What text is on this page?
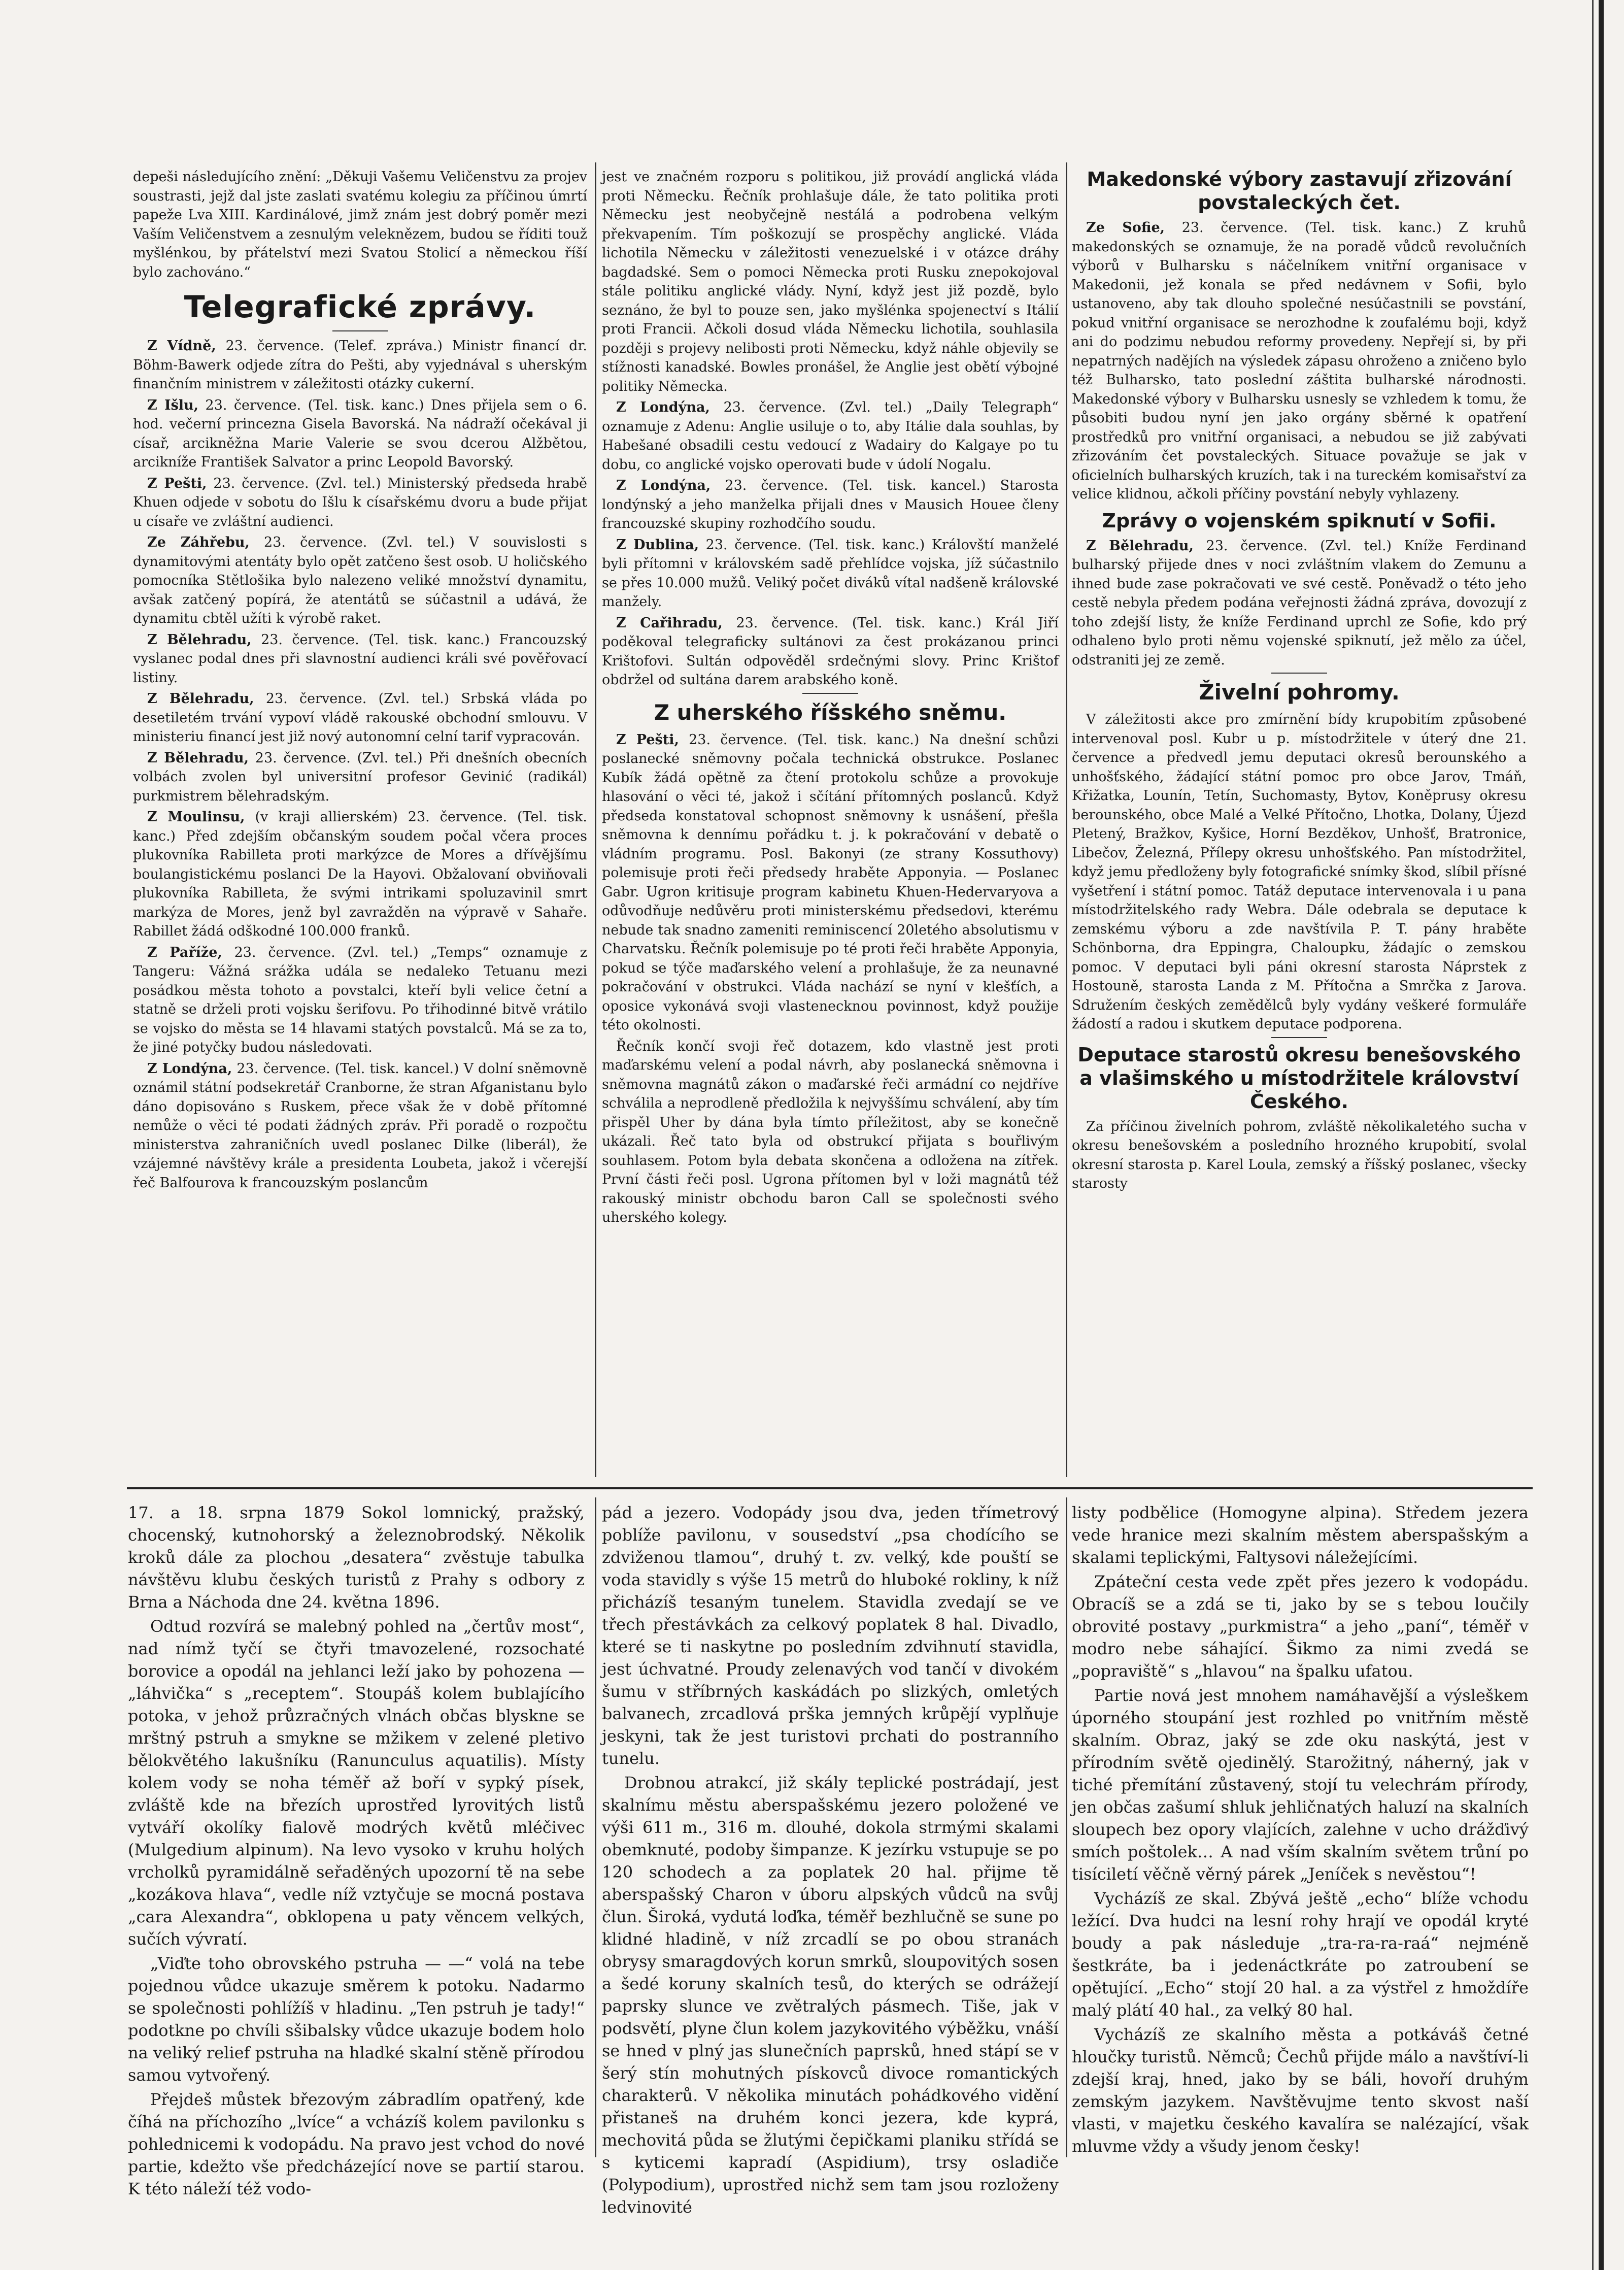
depeši následujícího znění: „Děkuji Vašemu Veličenstvu za projev soustrasti, jejž dal jste zaslati svatému kolegiu za příčinou úmrtí papeže Lva XIII. Kardinálové, jimž znám jest dobrý poměr mezi Vaším Veličenstvem a zesnulým veleknězem, budou se říditi touž myšlénkou, by přátelství mezi Svatou Stolicí a německou říší bylo zachováno.“

Telegrafické zprávy.

Z Vídně, 23. července. (Telef. zpráva.) Ministr financí dr. Böhm-Bawerk odjede zítra do Pešti, aby vyjednával s uherským finančním ministrem v záležitosti otázky cukerní.

Z Išlu, 23. července. (Tel. tisk. kanc.) Dnes přijela sem o 6. hod. večerní princezna Gisela Bavorská. Na nádraží očekával ji císař, arcikněžna Marie Valerie se svou dcerou Alžbětou, arcikníže František Salvator a princ Leopold Bavorský.

Z Pešti, 23. července. (Zvl. tel.) Ministerský předseda hrabě Khuen odjede v sobotu do Išlu k císařskému dvoru a bude přijat u císaře ve zvláštní audienci.

Ze Záhřebu, 23. července. (Zvl. tel.) V souvislosti s dynamitovými atentáty bylo opět zatčeno šest osob. U holičského pomocníka Stětlošika bylo nalezeno veliké množství dynamitu, avšak zatčený popírá, že atentátů se súčastnil a udává, že dynamitu cbtěl užíti k výrobě raket.

Z Bělehradu, 23. července. (Tel. tisk. kanc.) Francouzský vyslanec podal dnes při slavnostní audienci králi své pověřovací listiny.

Z Bělehradu, 23. července. (Zvl. tel.) Srbská vláda po desetiletém trvání vypoví vládě rakouské obchodní smlouvu. V ministeriu financí jest již nový autonomní celní tarif vypracován.

Z Bělehradu, 23. července. (Zvl. tel.) Při dnešních obecních volbách zvolen byl universitní profesor Gevinić (radikál) purkmistrem bělehradským.

Z Moulinsu, (v kraji allierském) 23. července. (Tel. tisk. kanc.) Před zdejším občanským soudem počal včera proces plukovníka Rabilleta proti markýzce de Mores a dřívějšímu boulangistickému poslanci De la Hayovi. Obžalovaní obviňovali plukovníka Rabilleta, že svými intrikami spoluzavinil smrt markýza de Mores, jenž byl zavražděn na výpravě v Sahaře. Rabillet žádá odškodné 100.000 franků.

Z Paříže, 23. července. (Zvl. tel.) „Temps“ oznamuje z Tangeru: Vážná srážka udála se nedaleko Tetuanu mezi posádkou města tohoto a povstalci, kteří byli velice četní a statně se drželi proti vojsku šerifovu. Po třihodinné bitvě vrátilo se vojsko do města se 14 hlavami statých povstalců. Má se za to, že jiné potyčky budou následovati.

Z Londýna, 23. července. (Tel. tisk. kancel.) V dolní sněmovně oznámil státní podsekretář Cranborne, že stran Afganistanu bylo dáno dopisováno s Ruskem, přece však že v době přítomné nemůže o věci té podati žádných zpráv. Při poradě o rozpočtu ministerstva zahraničních uvedl poslanec Dilke (liberál), že vzájemné návštěvy krále a presidenta Loubeta, jakož i včerejší řeč Balfourova k francouzským poslancům

jest ve značném rozporu s politikou, již provádí anglická vláda proti Německu. Řečník prohlašuje dále, že tato politika proti Německu jest neobyčejně nestálá a podrobena velkým překvapením. Tím poškozují se prospěchy anglické. Vláda lichotila Německu v záležitosti venezuelské i v otázce dráhy bagdadské. Sem o pomoci Německa proti Rusku znepokojoval stále politiku anglické vlády. Nyní, když jest již pozdě, bylo seznáno, že byl to pouze sen, jako myšlénka spojenectví s Itálií proti Francii. Ačkoli dosud vláda Německu lichotila, souhlasila později s projevy nelibosti proti Německu, když náhle objevily se stížnosti kanadské. Bowles pronášel, že Anglie jest obětí výbojné politiky Německa.

Z Londýna, 23. července. (Zvl. tel.) „Daily Telegraph“ oznamuje z Adenu: Anglie usiluje o to, aby Itálie dala souhlas, by Habešané obsadili cestu vedoucí z Wadairy do Kalgaye po tu dobu, co anglické vojsko operovati bude v údolí Nogalu.

Z Londýna, 23. července. (Tel. tisk. kancel.) Starosta londýnský a jeho manželka přijali dnes v Mausich Houee členy francouzské skupiny rozhodčího soudu.

Z Dublina, 23. července. (Tel. tisk. kanc.) Královští manželé byli přítomni v královském sadě přehlídce vojska, jíž súčastnilo se přes 10.000 mužů. Veliký počet diváků vítal nadšeně královské manžely.

Z Cařihradu, 23. července. (Tel. tisk. kanc.) Král Jiří poděkoval telegraficky sultánovi za čest prokázanou princi Krištofovi. Sultán odpověděl srdečnými slovy. Princ Krištof obdržel od sultána darem arabského koně.

Z uherského říšského sněmu.

Z Pešti, 23. července. (Tel. tisk. kanc.) Na dnešní schůzi poslanecké sněmovny počala technická obstrukce. Poslanec Kubík žádá opětně za čtení protokolu schůze a provokuje hlasování o věci té, jakož i sčítání přítomných poslanců. Když předseda konstatoval schopnost sněmovny k usnášení, přešla sněmovna k dennímu pořádku t. j. k pokračování v debatě o vládním programu. Posl. Bakonyi (ze strany Kossuthovy) polemisuje proti řeči předsedy hraběte Apponyia. — Poslanec Gabr. Ugron kritisuje program kabinetu Khuen-Hedervaryova a odůvodňuje nedůvěru proti ministerskému předsedovi, kterému nebude tak snadno zameniti reminiscencí 20letého absolutismu v Charvatsku. Řečník polemisuje po té proti řeči hraběte Apponyia, pokud se týče maďarského velení a prohlašuje, že za neunavné pokračování v obstrukci. Vláda nachází se nyní v klešťích, a oposice vykonává svoji vlastenecknou povinnost, když použije této okolnosti.

Řečník končí svoji řeč dotazem, kdo vlastně jest proti maďarskému velení a podal návrh, aby poslanecká sněmovna i sněmovna magnátů zákon o maďarské řeči armádní co nejdříve schválila a neprodleně předložila k nejvyššímu schválení, aby tím přispěl Uher by dána byla tímto příležitost, aby se konečně ukázali. Řeč tato byla od obstrukcí přijata s bouřlivým souhlasem. Potom byla debata skončena a odložena na zítřek. První části řeči posl. Ugrona přítomen byl v loži magnátů též rakouský ministr obchodu baron Call se společnosti svého uherského kolegy.

Makedonské výbory zastavují zřizování povstaleckých čet.

Ze Sofie, 23. července. (Tel. tisk. kanc.) Z kruhů makedonských se oznamuje, že na poradě vůdců revolučních výborů v Bulharsku s náčelníkem vnitřní organisace v Makedonii, jež konala se před nedávnem v Sofii, bylo ustanoveno, aby tak dlouho společné nesúčastnili se povstání, pokud vnitřní organisace se nerozhodne k zoufalému boji, když ani do podzimu nebudou reformy provedeny. Nepřejí si, by při nepatrných nadějích na výsledek zápasu ohroženo a zničeno bylo též Bulharsko, tato poslední záštita bulharské národnosti. Makedonské výbory v Bulharsku usnesly se vzhledem k tomu, že působiti budou nyní jen jako orgány sběrné k opatření prostředků pro vnitřní organisaci, a nebudou se již zabývati zřizováním čet povstaleckých. Situace považuje se jak v oficielních bulharských kruzích, tak i na tureckém komisařství za velice klidnou, ačkoli příčiny povstání nebyly vyhlazeny.

Zprávy o vojenském spiknutí v Sofii.

Z Bělehradu, 23. července. (Zvl. tel.) Kníže Ferdinand bulharský přijede dnes v noci zvláštním vlakem do Zemunu a ihned bude zase pokračovati ve své cestě. Poněvadž o této jeho cestě nebyla předem podána veřejnosti žádná zpráva, dovozují z toho zdejší listy, že kníže Ferdinand uprchl ze Sofie, kdo prý odhaleno bylo proti němu vojenské spiknutí, jež mělo za účel, odstraniti jej ze země.

Živelní pohromy.

V záležitosti akce pro zmírnění bídy krupobitím způsobené intervenoval posl. Kubr u p. místodržitele v úterý dne 21. července a předvedl jemu deputaci okresů berounského a unhošťského, žádající státní pomoc pro obce Jarov, Tmáň, Křižatka, Lounín, Tetín, Suchomasty, Bytov, Koněprusy okresu berounského, obce Malé a Velké Přítočno, Lhotka, Dolany, Újezd Pletený, Bražkov, Kyšice, Horní Bezděkov, Unhošť, Bratronice, Libečov, Železná, Přílepy okresu unhošťského. Pan místodržitel, když jemu předloženy byly fotografické snímky škod, slíbil přísné vyšetření i státní pomoc. Tatáž deputace intervenovala i u pana místodržitelského rady Webra. Dále odebrala se deputace k zemskému výboru a zde navštívila P. T. pány hraběte Schönborna, dra Eppingra, Chaloupku, žádajíc o zemskou pomoc. V deputaci byli páni okresní starosta Náprstek z Hostouně, starosta Landa z M. Přítočna a Smrčka z Jarova. Sdružením českých zemědělců byly vydány veškeré formuláře žádostí a radou i skutkem deputace podporena.

Deputace starostů okresu benešovského a vlašimského u místodržitele království Českého.

Za příčinou živelních pohrom, zvláště několikaletého sucha v okresu benešovském a posledního hrozného krupobití, svolal okresní starosta p. Karel Loula, zemský a říšský poslanec, všecky starosty

17. a 18. srpna 1879 Sokol lomnický, pražský, chocenský, kutnohorský a železnobrodský. Několik kroků dále za plochou „desatera“ zvěstuje tabulka návštěvu klubu českých turistů z Prahy s odbory z Brna a Náchoda dne 24. května 1896.

Odtud rozvírá se malebný pohled na „čertův most“, nad nímž tyčí se čtyři tmavozelené, rozsochaté borovice a opodál na jehlanci leží jako by pohozena — „láhvička“ s „receptem“. Stoupáš kolem bublajícího potoka, v jehož průzračných vlnách občas blyskne se mrštný pstruh a smykne se mžikem v zelené pletivo bělokvětého lakušníku (Ranunculus aquatilis). Místy kolem vody se noha téměř až boří v sypký písek, zvláště kde na březích uprostřed lyrovitých listů vytváří okolíky fialově modrých květů mléčivec (Mulgedium alpinum). Na levo vysoko v kruhu holých vrcholků pyramidálně seřaděných upozorní tě na sebe „kozákova hlava“, vedle níž vztyčuje se mocná postava „cara Alexandra“, obklopena u paty věncem velkých, sučích vývratí.

„Viďte toho obrovského pstruha — —“ volá na tebe pojednou vůdce ukazuje směrem k potoku. Nadarmo se společnosti pohlížíš v hladinu. „Ten pstruh je tady!“ podotkne po chvíli sšibalsky vůdce ukazuje bodem holo na veliký relief pstruha na hladké skalní stěně přírodou samou vytvořený.

Přejdeš můstek březovým zábradlím opatřený, kde číhá na příchozího „lvíce“ a vcházíš kolem pavilonku s pohlednicemi k vodopádu. Na pravo jest vchod do nové partie, kdežto vše předcházející nove se partií starou. K této náleží též vodo-

pád a jezero. Vodopády jsou dva, jeden třímetrový poblíže pavilonu, v sousedství „psa chodícího se zdviženou tlamou“, druhý t. zv. velký, kde pouští se voda stavidly s výše 15 metrů do hluboké rokliny, k níž přicházíš tesaným tunelem. Stavidla zvedají se ve třech přestávkách za celkový poplatek 8 hal. Divadlo, které se ti naskytne po posledním zdvihnutí stavidla, jest úchvatné. Proudy zelenavých vod tančí v divokém šumu v stříbrných kaskádách po slizkých, omletých balvanech, zrcadlová prška jemných krůpějí vyplňuje jeskyni, tak že jest turistovi prchati do postranního tunelu.

Drobnou atrakcí, již skály teplické postrádají, jest skalnímu městu aberspašskému jezero položené ve výši 611 m., 316 m. dlouhé, dokola strmými skalami obemknuté, podoby šimpanze. K jezírku vstupuje se po 120 schodech a za poplatek 20 hal. přijme tě aberspašský Charon v úboru alpských vůdců na svůj člun. Široká, vydutá loďka, téměř bezhlučně se sune po klidné hladině, v níž zrcadlí se po obou stranách obrysy smaragdových korun smrků, sloupovitých sosen a šedé koruny skalních tesů, do kterých se odrážejí paprsky slunce ve zvětralých pásmech. Tiše, jak v podsvětí, plyne člun kolem jazykovitého výběžku, vnáší se hned v plný jas slunečních paprsků, hned stápí se v šerý stín mohutných pískovců divoce romantických charakterů. V několika minutách pohádkového vidění přistaneš na druhém konci jezera, kde kyprá, mechovitá půda se žlutými čepičkami planiku střídá se s kyticemi kapradí (Aspidium), trsy osladiče (Polypodium), uprostřed nichž sem tam jsou rozloženy ledvinovité

listy podbělice (Homogyne alpina). Středem jezera vede hranice mezi skalním městem aberspašským a skalami teplickými, Faltysovi náležejícími.

Zpáteční cesta vede zpět přes jezero k vodopádu. Obracíš se a zdá se ti, jako by se s tebou loučily obrovité postavy „purkmistra“ a jeho „paní“, téměř v modro nebe sáhající. Šikmo za nimi zvedá se „popraviště“ s „hlavou“ na špalku ufatou.

Partie nová jest mnohem namáhavější a výsleškem úporného stoupání jest rozhled po vnitřním městě skalním. Obraz, jaký se zde oku naskýtá, jest v přírodním světě ojedinělý. Starožitný, náherný, jak v tiché přemítání zůstavený, stojí tu velechrám přírody, jen občas zašumí shluk jehličnatých haluzí na skalních sloupech bez opory vlajících, zalehne v ucho drážďivý smích poštolek… A nad vším skalním světem trůní po tisíciletí věčně věrný párek „Jeníček s nevěstou“!

Vycházíš ze skal. Zbývá ještě „echo“ blíže vchodu ležící. Dva hudci na lesní rohy hrají ve opodál kryté boudy a pak následuje „tra-ra-ra-raá“ nejméně šestkráte, ba i jedenáctkráte po zatroubení se opětující. „Echo“ stojí 20 hal. a za výstřel z hmoždíře malý plátí 40 hal., za velký 80 hal.

Vycházíš ze skalního města a potkáváš četné hloučky turistů. Němců; Čechů přijde málo a navštíví-li zdejší kraj, hned, jako by se báli, hovoří druhým zemským jazykem. Navštěvujme tento skvost naší vlasti, v majetku českého kavalíra se nalézající, však mluvme vždy a všudy jenom česky!
